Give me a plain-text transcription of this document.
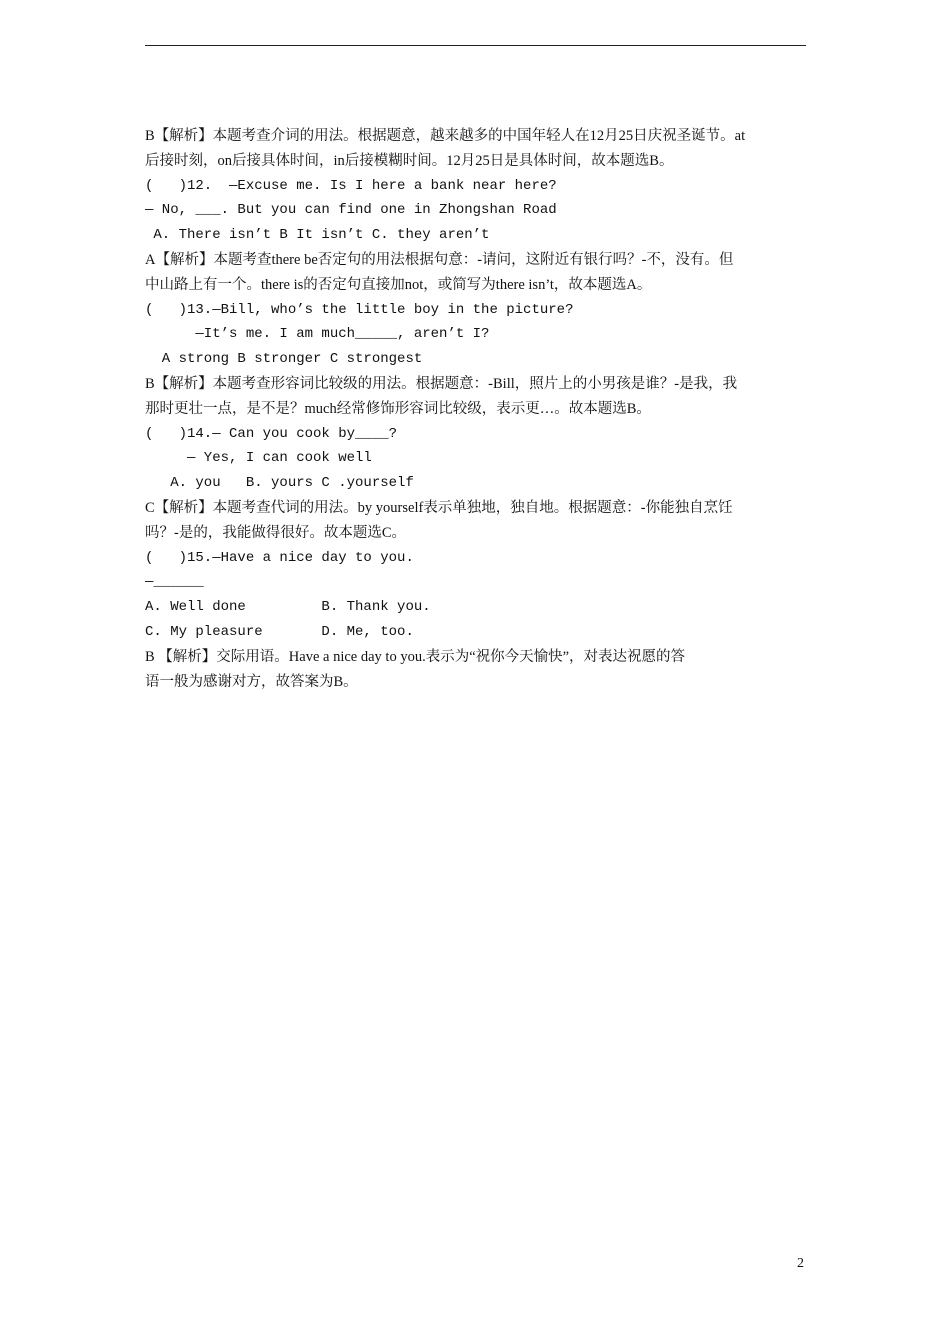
B【解析】本题考查介词的用法。根据题意，越来越多的中国年轻人在12月25日庆祝圣诞节。at
后接时刻，on后接具体时间，in后接模糊时间。12月25日是具体时间，故本题选B。
(   )12.  —Excuse me. Is I here a bank near here?
— No, ___. But you can find one in Zhongshan Road
A. There isn’t B It isn’t C. they aren’t
A【解析】本题考查there be否定句的用法根据句意：-请问，这附近有银行吗？-不，没有。但
中山路上有一个。there is的否定句直接加not，或简写为there isn’t，故本题选A。
(   )13.—Bill, who’s the little boy in the picture?
—It’s me. I am much_____, aren’t I?
A strong B stronger C strongest
B【解析】本题考查形容词比较级的用法。根据题意：-Bill，照片上的小男孩是谁？-是我，我
那时更壮一点，是不是？much经常修饰形容词比较级，表示更…。故本题选B。
(   )14.— Can you cook by____?
— Yes, I can cook well
A. you   B. yours C .yourself
C【解析】本题考查代词的用法。by yourself表示单独地，独自地。根据题意：-你能独自烹饪
吗？-是的，我能做得很好。故本题选C。
(   )15.—Have a nice day to you.
—______
A. Well done         B. Thank you.
C. My pleasure       D. Me, too.
B 【解析】交际用语。Have a nice day to you.表示为“祝你今天愉快”，对表达祝愿的答
语一般为感谢对方，故答案为B。
2
